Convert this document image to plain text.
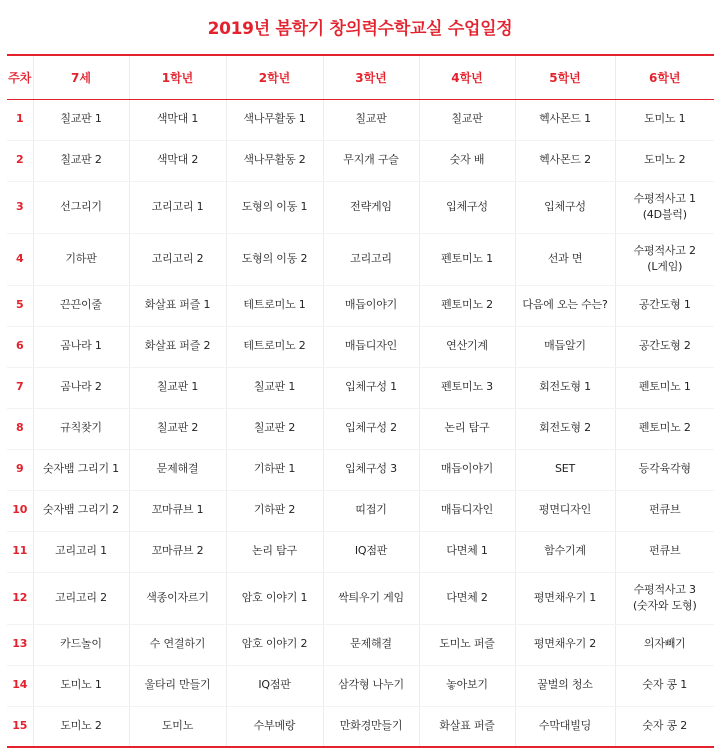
2019년 봄학기 창의력수학교실 수업일정
주차	7세	1학년	2학년	3학년	4학년	5학년	6학년
1	칠교판 1	색막대 1	색나무활동 1	칠교판	칠교판	헥사몬드 1	도미노 1
2	칠교판 2	색막대 2	색나무활동 2	무지개 구슬	숫자 배	헥사몬드 2	도미노 2
3	선그리기	고리고리 1	도형의 이동 1	전략게임	입체구성	입체구성	수평적사고 1
(4D블럭)
4	기하판	고리고리 2	도형의 이동 2	고리고리	펜토미노 1	선과 면	수평적사고 2
(L게임)
5	끈끈이줄	화살표 퍼즐 1	테트로미노 1	매듭이야기	펜토미노 2	다음에 오는 수는?	공간도형 1
6	곰나라 1	화살표 퍼즐 2	테트로미노 2	매듭디자인	연산기계	매듭알기	공간도형 2
7	곰나라 2	칠교판 1	칠교판 1	입체구성 1	펜토미노 3	회전도형 1	펜토미노 1
8	규칙찾기	칠교판 2	칠교판 2	입체구성 2	논리 탐구	회전도형 2	펜토미노 2
9	숫자뱀 그리기 1	문제해결	기하판 1	입체구성 3	매듭이야기	SET	등각육각형
10	숫자뱀 그리기 2	꼬마큐브 1	기하판 2	띠접기	매듭디자인	평면디자인	펀큐브
11	고리고리 1	꼬마큐브 2	논리 탐구	IQ점판	다면체 1	함수기계	펀큐브
12	고리고리 2	색종이자르기	암호 이야기 1	싹틔우기 게임	다면체 2	평면채우기 1	수평적사고 3
(숫자와 도형)
13	카드놀이	수 연결하기	암호 이야기 2	문제해결	도미노 퍼즐	평면채우기 2	의자빼기
14	도미노 1	울타리 만들기	IQ점판	삼각형 나누기	놓아보기	꿀벌의 청소	숫자 콩 1
15	도미노 2	도미노	수부메랑	만화경만들기	화살표 퍼즐	수막대빌딩	숫자 콩 2
